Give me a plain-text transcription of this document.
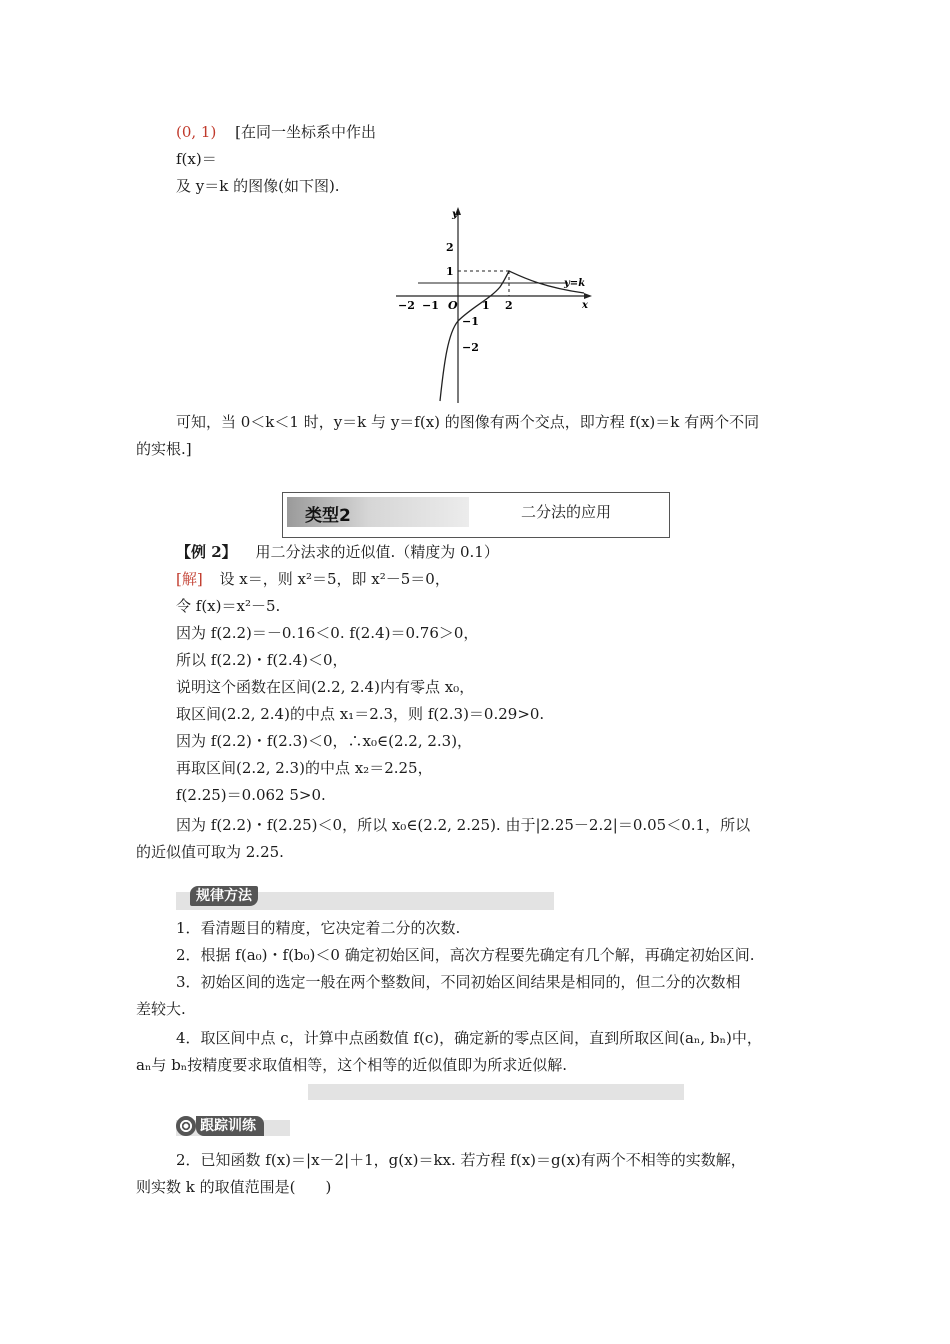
(0, 1) [在同一坐标系中作出
f(x)＝
及 y＝k 的图像(如下图).
y
x
y=k
2
1
−1
−2
−2 −1 O 1 2
可知，当 0＜k＜1 时，y＝k 与 y＝f(x) 的图像有两个交点，即方程 f(x)＝k 有两个不同
的实根.]
类型2	二分法的应用
【例 2】 用二分法求的近似值.（精度为 0.1）
[解] 设 x＝，则 x²＝5，即 x²－5＝0，
令 f(x)＝x²－5.
因为 f(2.2)＝－0.16＜0. f(2.4)＝0.76＞0，
所以 f(2.2)・f(2.4)＜0，
说明这个函数在区间(2.2, 2.4)内有零点 x₀，
取区间(2.2, 2.4)的中点 x₁＝2.3，则 f(2.3)＝0.29>0.
因为 f(2.2)・f(2.3)＜0，∴x₀∈(2.2, 2.3)，
再取区间(2.2, 2.3)的中点 x₂＝2.25，
f(2.25)＝0.062 5>0.
因为 f(2.2)・f(2.25)＜0，所以 x₀∈(2.2, 2.25). 由于|2.25－2.2|＝0.05＜0.1，所以
的近似值可取为 2.25.
规律方法
1．看清题目的精度，它决定着二分的次数.
2．根据 f(a₀)・f(b₀)＜0 确定初始区间，高次方程要先确定有几个解，再确定初始区间.
3．初始区间的选定一般在两个整数间，不同初始区间结果是相同的，但二分的次数相
差较大.
4．取区间中点 c，计算中点函数值 f(c)，确定新的零点区间，直到所取区间(aₙ, bₙ)中，
aₙ与 bₙ按精度要求取值相等，这个相等的近似值即为所求近似解.
跟踪训练
2．已知函数 f(x)＝|x－2|＋1，g(x)＝kx. 若方程 f(x)＝g(x)有两个不相等的实数解，
则实数 k 的取值范围是(　　)
